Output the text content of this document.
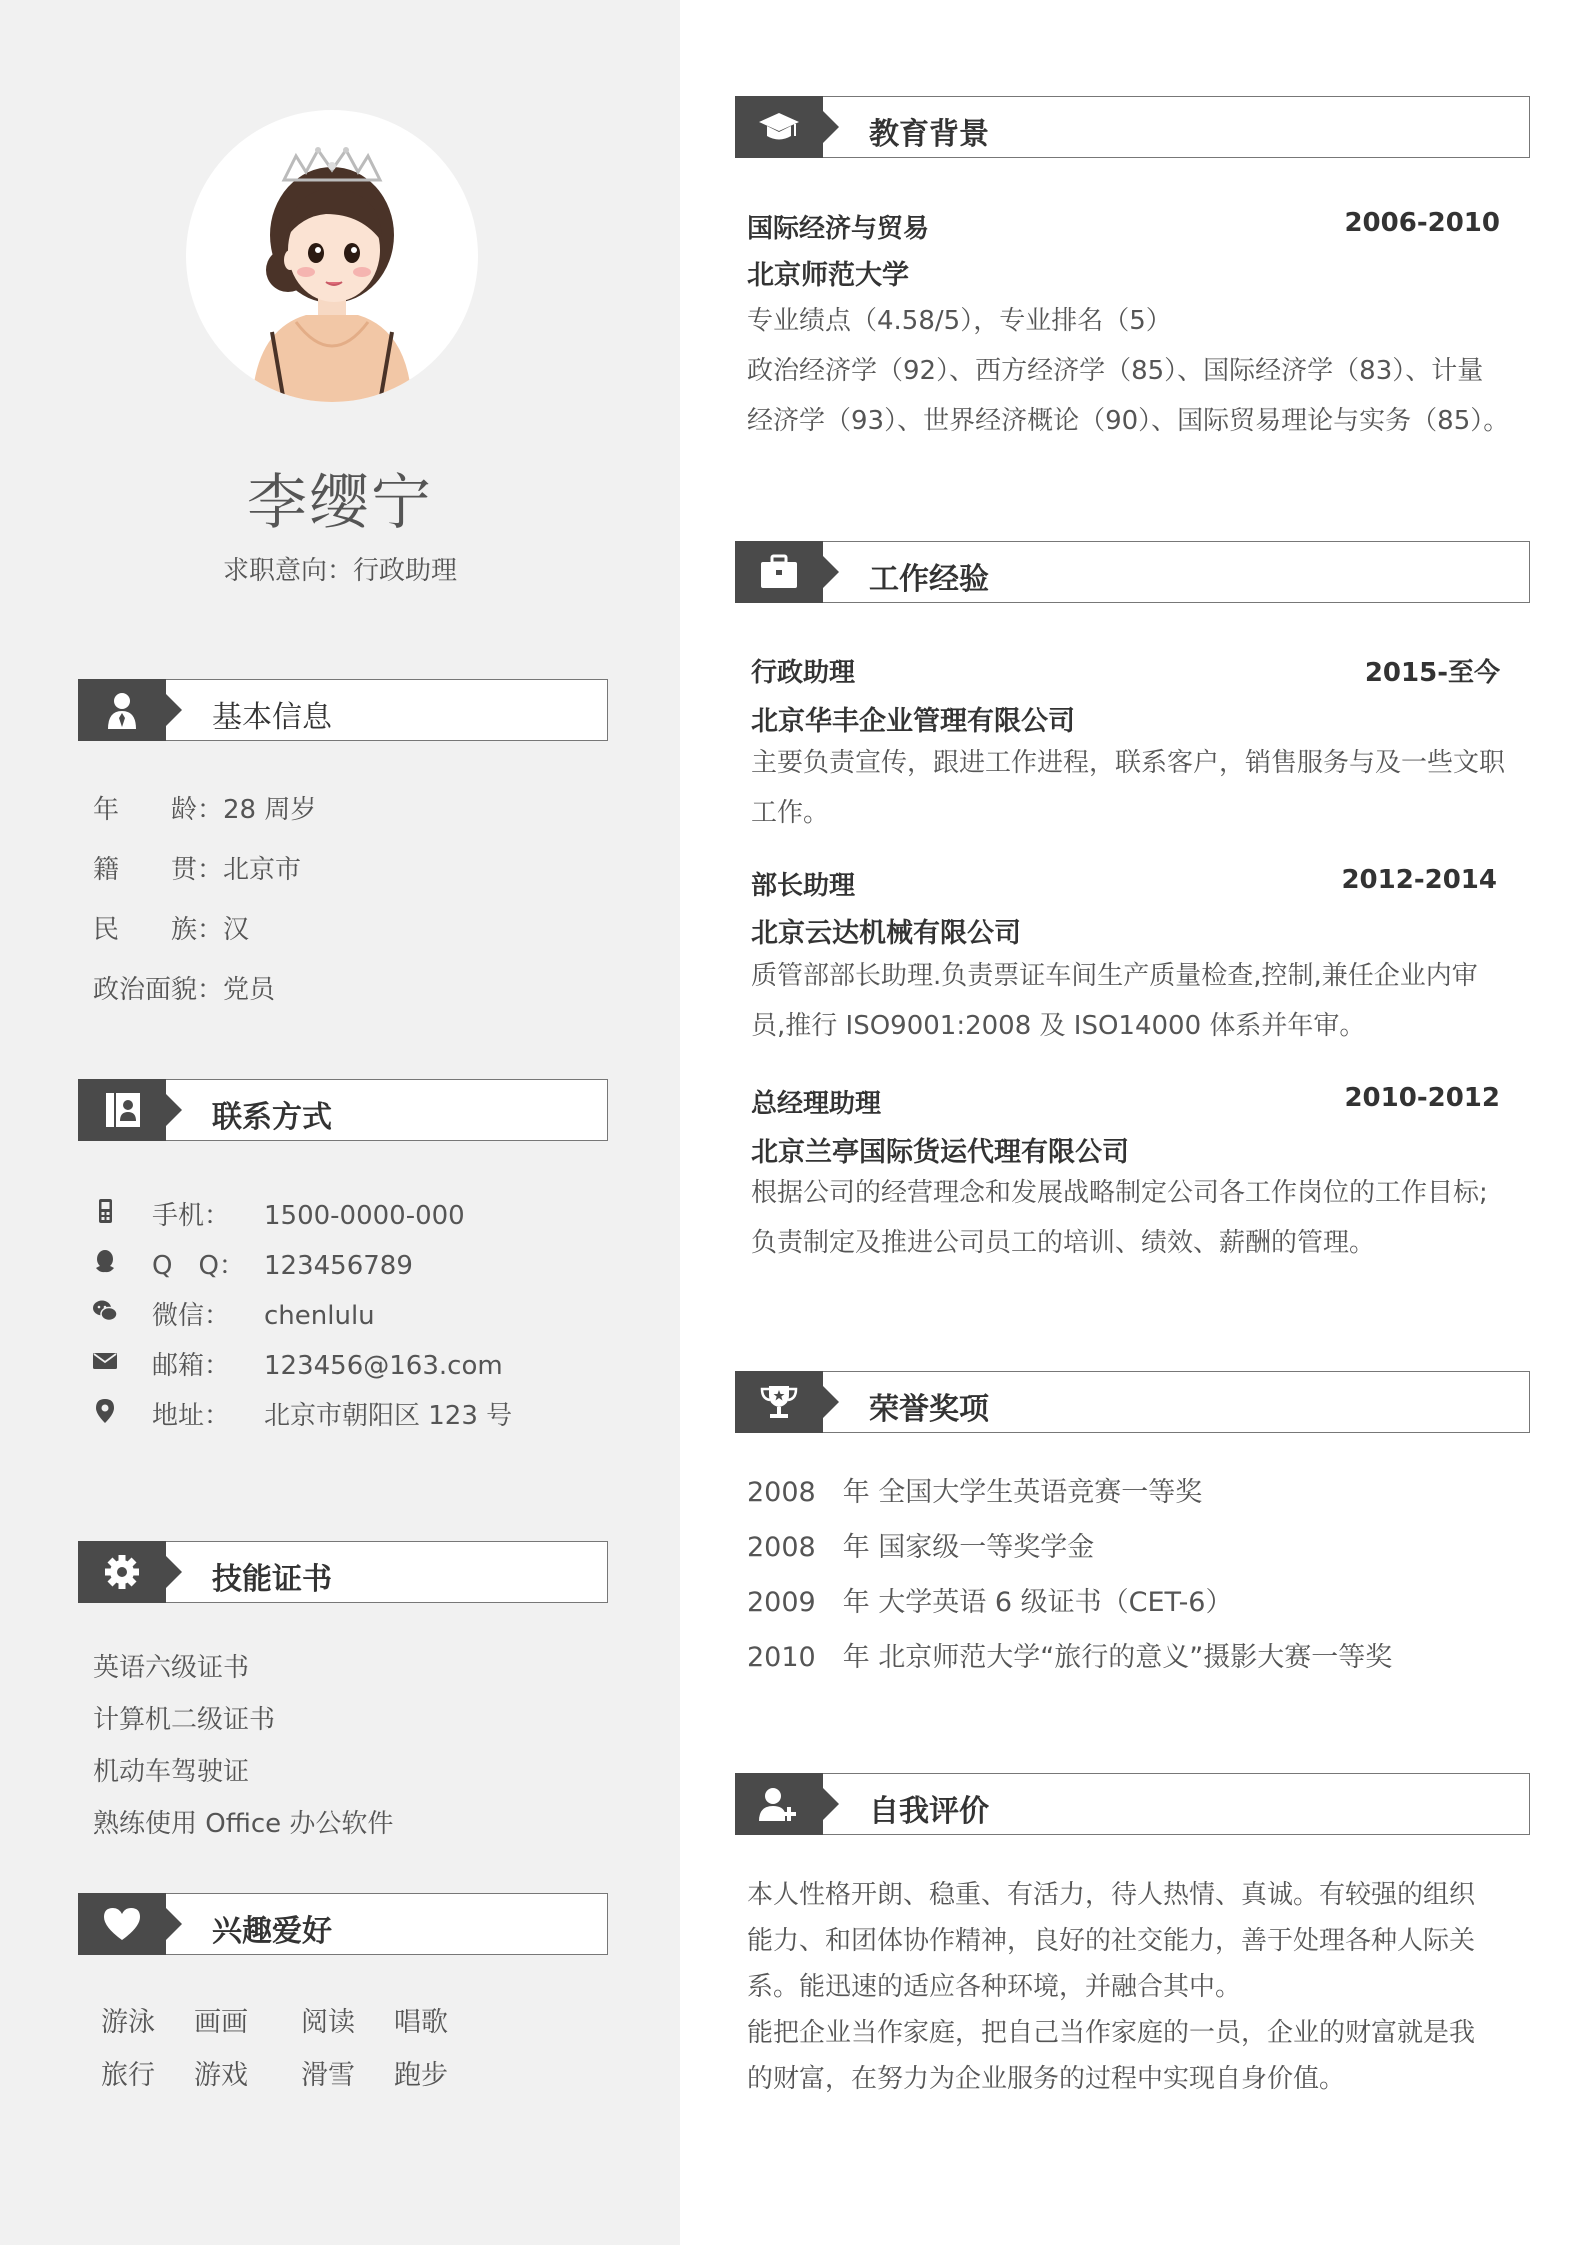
李缨宁
求职意向：行政助理
基本信息
年　　龄：28 周岁
籍　　贯：北京市
民　　族：汉
政治面貌：党员
联系方式
手机： 1500-0000-000
Q　Q： 123456789
微信： chenlulu
邮箱： 123456@163.com
地址： 北京市朝阳区 123 号
技能证书
英语六级证书
计算机二级证书
机动车驾驶证
熟练使用 Office 办公软件
兴趣爱好
游泳 画画 阅读 唱歌
旅行 游戏 滑雪 跑步
教育背景
国际经济与贸易	2006-2010
北京师范大学
专业绩点（4.58/5），专业排名（5）
政治经济学（92）、西方经济学（85）、国际经济学（83）、计量
经济学（93）、世界经济概论（90）、国际贸易理论与实务（85）。
工作经验
行政助理	2015-至今
北京华丰企业管理有限公司
主要负责宣传，跟进工作进程，联系客户，销售服务与及一些文职
工作。
部长助理	2012-2014
北京云达机械有限公司
质管部部长助理.负责票证车间生产质量检查,控制,兼任企业内审
员,推行 ISO9001:2008 及 ISO14000 体系并年审。
总经理助理	2010-2012
北京兰亭国际货运代理有限公司
根据公司的经营理念和发展战略制定公司各工作岗位的工作目标;
负责制定及推进公司员工的培训、绩效、薪酬的管理。
荣誉奖项
2008　年 全国大学生英语竞赛一等奖
2008　年 国家级一等奖学金
2009　年 大学英语 6 级证书（CET-6）
2010　年 北京师范大学“旅行的意义”摄影大赛一等奖
自我评价
本人性格开朗、稳重、有活力，待人热情、真诚。有较强的组织
能力、和团体协作精神，良好的社交能力，善于处理各种人际关
系。能迅速的适应各种环境，并融合其中。
能把企业当作家庭，把自己当作家庭的一员，企业的财富就是我
的财富，在努力为企业服务的过程中实现自身价值。
